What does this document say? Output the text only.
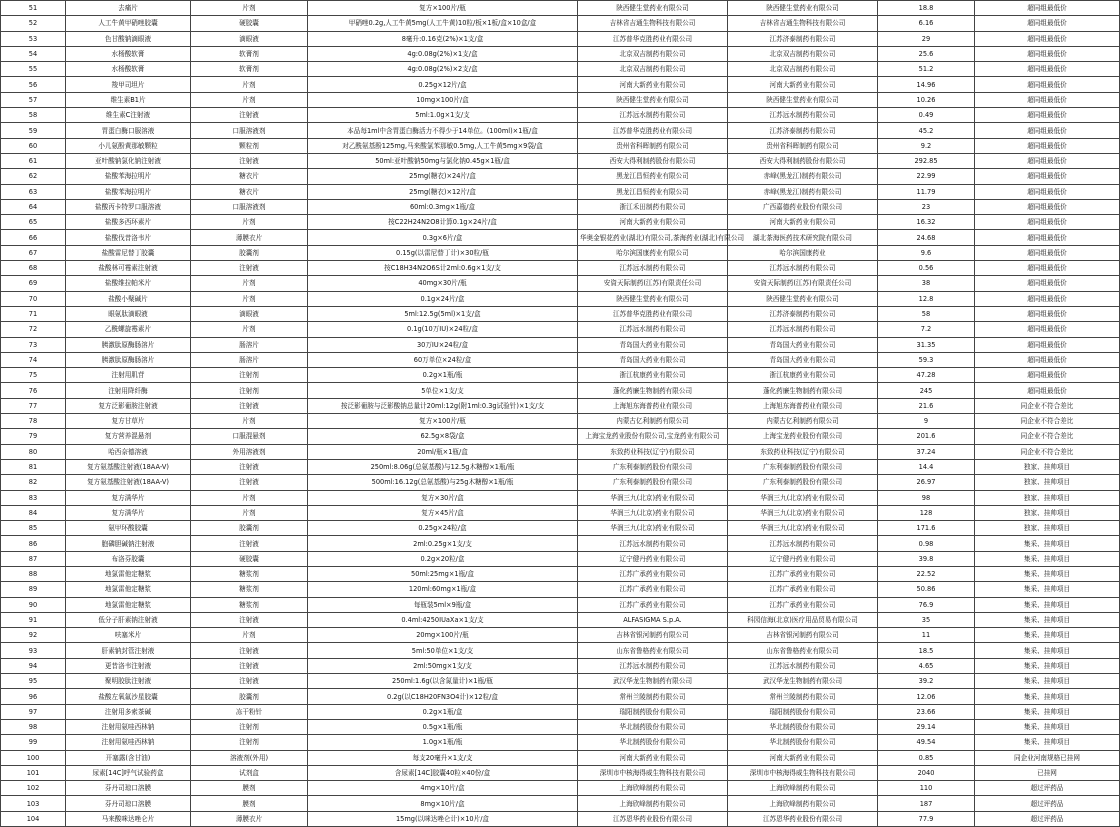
51	去痛片	片剂	复方×100片/瓶	陕西健生堂药业有限公司	陕西健生堂药业有限公司	18.8	超同组最低价
52	人工牛黄甲硝唑胶囊	硬胶囊	甲硝唑0.2g,人工牛黄5mg(人工牛黄)10粒/板×1板/盒×10盒/盒	吉林省吉通生物科技有限公司	吉林省吉通生物科技有限公司	6.16	超同组最低价
53	色甘酸钠滴眼液	滴眼液	8毫升:0.16克(2%)×1支/盒	江苏普华克胜药业有限公司	江苏济泰制药有限公司	29	超同组最低价
54	水杨酸软膏	软膏剂	4g:0.08g(2%)×1支/盒	北京双吉制药有限公司	北京双吉制药有限公司	25.6	超同组最低价
55	水杨酸软膏	软膏剂	4g:0.08g(2%)×2支/盒	北京双吉制药有限公司	北京双吉制药有限公司	51.2	超同组最低价
56	羧甲司坦片	片剂	0.25g×12片/盒	河南大新药业有限公司	河南大新药业有限公司	14.96	超同组最低价
57	维生素B1片	片剂	10mg×100片/盒	陕西健生堂药业有限公司	陕西健生堂药业有限公司	10.26	超同组最低价
58	维生素C注射液	注射液	5ml:1.0g×1支/支	江苏远水制药有限公司	江苏远水制药有限公司	0.49	超同组最低价
59	胃蛋白酶口服溶液	口服溶液剂	本品每1ml中含胃蛋白酶活力不得少于14单位。(100ml)×1瓶/盒	江苏普华克胜药业有限公司	江苏济泰制药有限公司	45.2	超同组最低价
60	小儿氨酚黄那敏颗粒	颗粒剂	对乙酰氨基酚125mg,马来酸氯苯那敏0.5mg,人工牛黄5mg×9袋/盒	贵州省科晖制药有限公司	贵州省科晖制药有限公司	9.2	超同组最低价
61	亚叶酸钠氯化钠注射液	注射液	50ml:亚叶酸钠50mg与氯化钠0.45g×1瓶/盒	西安大得利制药股份有限公司	西安大得利制药股份有限公司	292.85	超同组最低价
62	盐酸苯海拉明片	糖衣片	25mg(糖衣)×24片/盒	黑龙江昌恒药业有限公司	赤峰(黑龙江)制药有限公司	22.99	超同组最低价
63	盐酸苯海拉明片	糖衣片	25mg(糖衣)×12片/盒	黑龙江昌恒药业有限公司	赤峰(黑龙江)制药有限公司	11.79	超同组最低价
64	盐酸丙卡特罗口服溶液	口服溶液剂	60ml:0.3mg×1瓶/盒	浙江禾田制药有限公司	广西嘉德药业股份有限公司	23	超同组最低价
65	盐酸多西环素片	片剂	按C22H24N2O8计算0.1g×24片/盒	河南大新药业有限公司	河南大新药业有限公司	16.32	超同组最低价
66	盐酸伐昔洛韦片	薄膜衣片	0.3g×6片/盒	华奥金银花药业(湖北)有限公司,茶海药业(湖北)有限公司	湖北茶海医药技术研究院有限公司	24.68	超同组最低价
67	盐酸雷尼替丁胶囊	胶囊剂	0.15g(以雷尼替丁计)×30粒/瓶	哈尔滨国康药业有限公司	哈尔滨国康药业	9.6	超同组最低价
68	盐酸林可霉素注射液	注射液	按C18H34N2O6S计2ml:0.6g×1支/支	江苏远水制药有限公司	江苏远水制药有限公司	0.56	超同组最低价
69	盐酸维拉帕米片	片剂	40mg×30片/瓶	安資天际制药(江苏)有限责任公司	安資天际制药(江苏)有限责任公司	38	超同组最低价
70	盐酸小檗碱片	片剂	0.1g×24片/盒	陕西健生堂药业有限公司	陕西健生堂药业有限公司	12.8	超同组最低价
71	眼氨肽滴眼液	滴眼液	5ml:12.5g(5ml)×1支/盒	江苏普华克胜药业有限公司	江苏济泰制药有限公司	58	超同组最低价
72	乙酰螺旋霉素片	片剂	0.1g(10万IU)×24粒/盒	江苏远水制药有限公司	江苏远水制药有限公司	7.2	超同组最低价
73	胰激肽原酶肠溶片	肠溶片	30万IU×24粒/盒	青岛国大药业有限公司	青岛国大药业有限公司	31.35	超同组最低价
74	胰激肽原酶肠溶片	肠溶片	60万单位×24粒/盒	青岛国大药业有限公司	青岛国大药业有限公司	59.3	超同组最低价
75	注射用肌苷	注射剂	0.2g×1瓶/瓶	浙江杭康药业有限公司	浙江杭康药业有限公司	47.28	超同组最低价
76	注射用降纤酶	注射剂	5单位×1支/支	蓬化药廉生物制药有限公司	蓬化药廉生物制药有限公司	245	超同组最低价
77	复方泛影葡胺注射液	注射液	按泛影葡胺与泛影酸钠总量计20ml:12g(附1ml:0.3g试验针)×1支/支	上海旭东海普药业有限公司	上海旭东海普药业有限公司	21.6	同企业不符合差比
78	复方甘草片	片剂	复方×100片/瓶	内蒙古亿利制药有限公司	内蒙古亿利制药有限公司	9	同企业不符合差比
79	复方营养混悬剂	口服混悬剂	62.5g×8袋/盒	上海宝龙药业股份有限公司,宝龙药业有限公司	上海宝龙药业股份有限公司	201.6	同企业不符合差比
80	哈西奈德溶液	外用溶液剂	20ml/瓶×1瓶/盒	东致药业科技(辽宁)有限公司	东致药业科技(辽宁)有限公司	37.24	同企业不符合差比
81	复方氨基酸注射液(18AA-V)	注射液	250ml:8.06g(总氨基酸)与12.5g木糖醇×1瓶/瓶	广东利泰制药股份有限公司	广东利泰制药股份有限公司	14.4	独家、挂帅项目
82	复方氨基酸注射液(18AA-V)	注射液	500ml:16.12g(总氨基酸)与25g木糖醇×1瓶/瓶	广东利泰制药股份有限公司	广东利泰制药股份有限公司	26.97	独家、挂帅项目
83	复方满华片	片剂	复方×30片/盒	华润三九(北京)药业有限公司	华润三九(北京)药业有限公司	98	独家、挂帅项目
84	复方满华片	片剂	复方×45片/盒	华润三九(北京)药业有限公司	华润三九(北京)药业有限公司	128	独家、挂帅项目
85	氨甲环酸胶囊	胶囊剂	0.25g×24粒/盒	华润三九(北京)药业有限公司	华润三九(北京)药业有限公司	171.6	独家、挂帅项目
86	胞磷胆碱钠注射液	注射液	2ml:0.25g×1支/支	江苏远水制药有限公司	江苏远水制药有限公司	0.98	集采、挂帅项目
87	布洛芬胶囊	硬胶囊	0.2g×20粒/盒	辽宁健丹药业有限公司	辽宁健丹药业有限公司	39.8	集采、挂帅项目
88	地氯雷他定糖浆	糖浆剂	50ml:25mg×1瓶/盒	江苏广承药业有限公司	江苏广承药业有限公司	22.52	集采、挂帅项目
89	地氯雷他定糖浆	糖浆剂	120ml:60mg×1瓶/盒	江苏广承药业有限公司	江苏广承药业有限公司	50.86	集采、挂帅项目
90	地氯雷他定糖浆	糖浆剂	每瓶装5ml×9瓶/盒	江苏广承药业有限公司	江苏广承药业有限公司	76.9	集采、挂帅项目
91	低分子肝素钠注射液	注射液	0.4ml:4250IUaXa×1支/支	ALFASIGMA S.p.A.	科园信海(北京)医疗用品贸易有限公司	35	集采、挂帅项目
92	呋塞米片	片剂	20mg×100片/瓶	吉林省银河制药有限公司	吉林省银河制药有限公司	11	集采、挂帅项目
93	肝素钠封管注射液	注射液	5ml:50单位×1支/支	山东省鲁格药业有限公司	山东省鲁格药业有限公司	18.5	集采、挂帅项目
94	更昔洛韦注射液	注射液	2ml:50mg×1支/支	江苏远水制药有限公司	江苏远水制药有限公司	4.65	集采、挂帅项目
95	聚明胶肽注射液	注射液	250ml:1.6g(以含氮量计)×1瓶/瓶	武汉华龙生物制药有限公司	武汉华龙生物制药有限公司	39.2	集采、挂帅项目
96	盐酸左氧氟沙星胶囊	胶囊剂	0.2g(以C18H20FN3O4计)×12粒/盒	常州兰陵制药有限公司	常州兰陵制药有限公司	12.06	集采、挂帅项目
97	注射用多索茶碱	冻干粉针	0.2g×1瓶/盒	瑞阳制药股份有限公司	瑞阳制药股份有限公司	23.66	集采、挂帅项目
98	注射用氨哇西林钠	注射剂	0.5g×1瓶/瓶	华北制药股份有限公司	华北制药股份有限公司	29.14	集采、挂帅项目
99	注射用氨哇西林钠	注射剂	1.0g×1瓶/瓶	华北制药股份有限公司	华北制药股份有限公司	49.54	集采、挂帅项目
100	开塞露(含甘油)	溶液剂(外用)	每支20毫升×1支/支	河南大新药业有限公司	河南大新药业有限公司	0.85	同企业河南规格已挂网
101	尿素[14C]呼气试验药盒	试剂盒	含尿素[14C]胶囊40粒×40份/盒	深圳市中核海得威生物科技有限公司	深圳市中核海得威生物科技有限公司	2040	已挂网
102	芬丹司琼口溶膜	膜剂	4mg×10片/盒	上海欣峰制药有限公司	上海欣峰制药有限公司	110	超过评药品
103	芬丹司琼口溶膜	膜剂	8mg×10片/盒	上海欣峰制药有限公司	上海欣峰制药有限公司	187	超过评药品
104	马来酸咪达唑仑片	薄膜衣片	15mg(以咪达唑仑计)×10片/盒	江苏恩华药业股份有限公司	江苏恩华药业股份有限公司	77.9	超过评药品
